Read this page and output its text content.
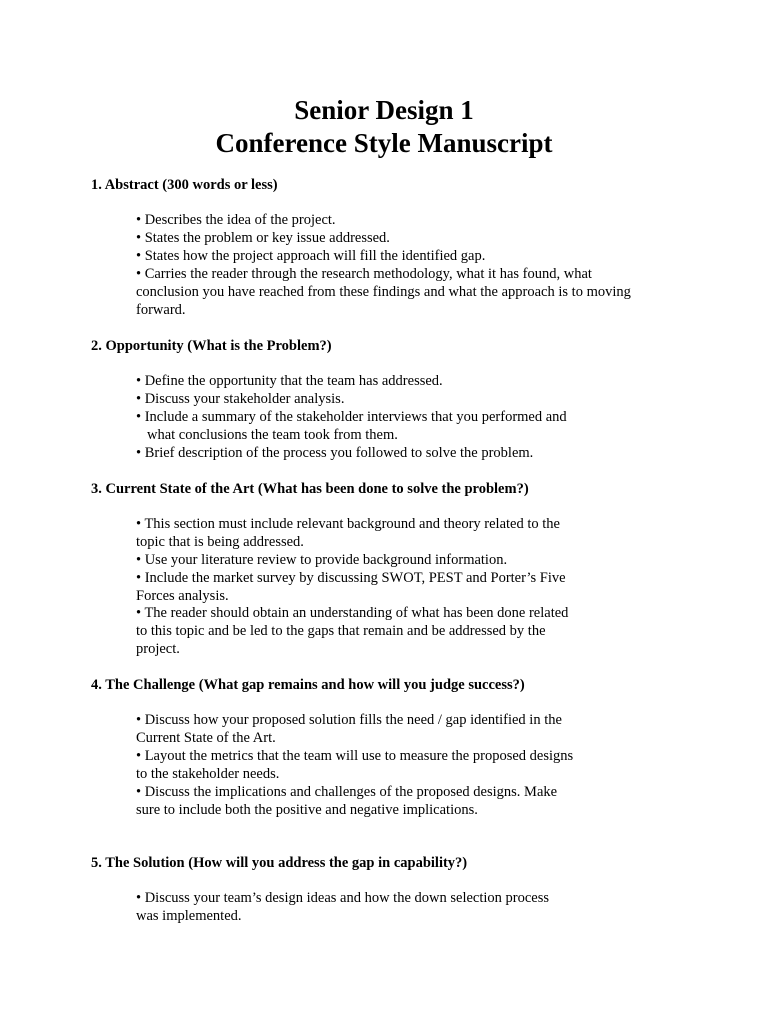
Senior Design 1
Conference Style Manuscript
1. Abstract (300 words or less)
• Describes the idea of the project.
• States the problem or key issue addressed.
• States how the project approach will fill the identified gap.
• Carries the reader through the research methodology, what it has found, what
conclusion you have reached from these findings and what the approach is to moving
forward.
2. Opportunity (What is the Problem?)
• Define the opportunity that the team has addressed.
• Discuss your stakeholder analysis.
• Include a summary of the stakeholder interviews that you performed and
what conclusions the team took from them.
• Brief description of the process you followed to solve the problem.
3. Current State of the Art (What has been done to solve the problem?)
• This section must include relevant background and theory related to the
topic that is being addressed.
• Use your literature review to provide background information.
• Include the market survey by discussing SWOT, PEST and Porter’s Five
Forces analysis.
• The reader should obtain an understanding of what has been done related
to this topic and be led to the gaps that remain and be addressed by the
project.
4. The Challenge (What gap remains and how will you judge success?)
• Discuss how your proposed solution fills the need / gap identified in the
Current State of the Art.
• Layout the metrics that the team will use to measure the proposed designs
to the stakeholder needs.
• Discuss the implications and challenges of the proposed designs. Make
sure to include both the positive and negative implications.
5. The Solution (How will you address the gap in capability?)
• Discuss your team’s design ideas and how the down selection process
was implemented.
